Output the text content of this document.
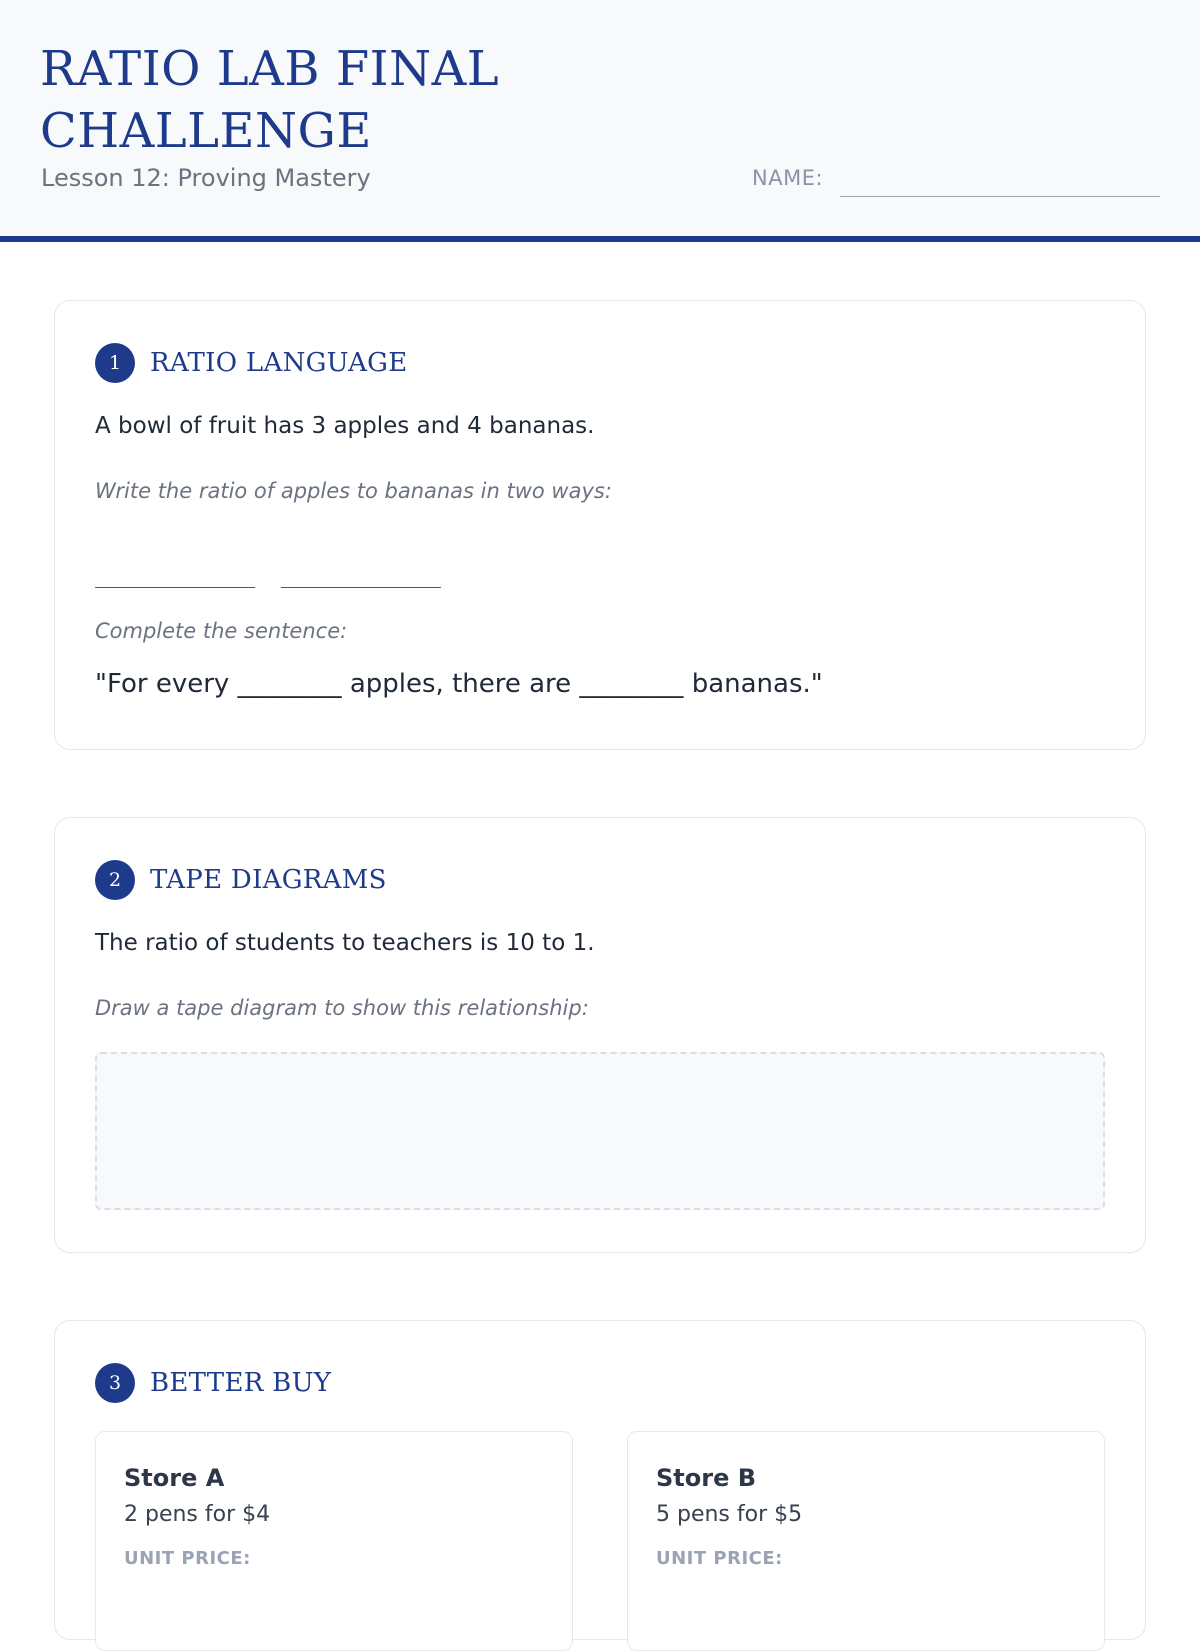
RATIO LAB FINAL CHALLENGE
Lesson 12: Proving Mastery	NAME:
1	RATIO LANGUAGE
A bowl of fruit has 3 apples and 4 bananas.
Write the ratio of apples to bananas in two ways:
Complete the sentence:
"For every ________ apples, there are ________ bananas."
2	TAPE DIAGRAMS
The ratio of students to teachers is 10 to 1.
Draw a tape diagram to show this relationship:
3	BETTER BUY
Store A
2 pens for $4
UNIT PRICE:
Store B
5 pens for $5
UNIT PRICE:
